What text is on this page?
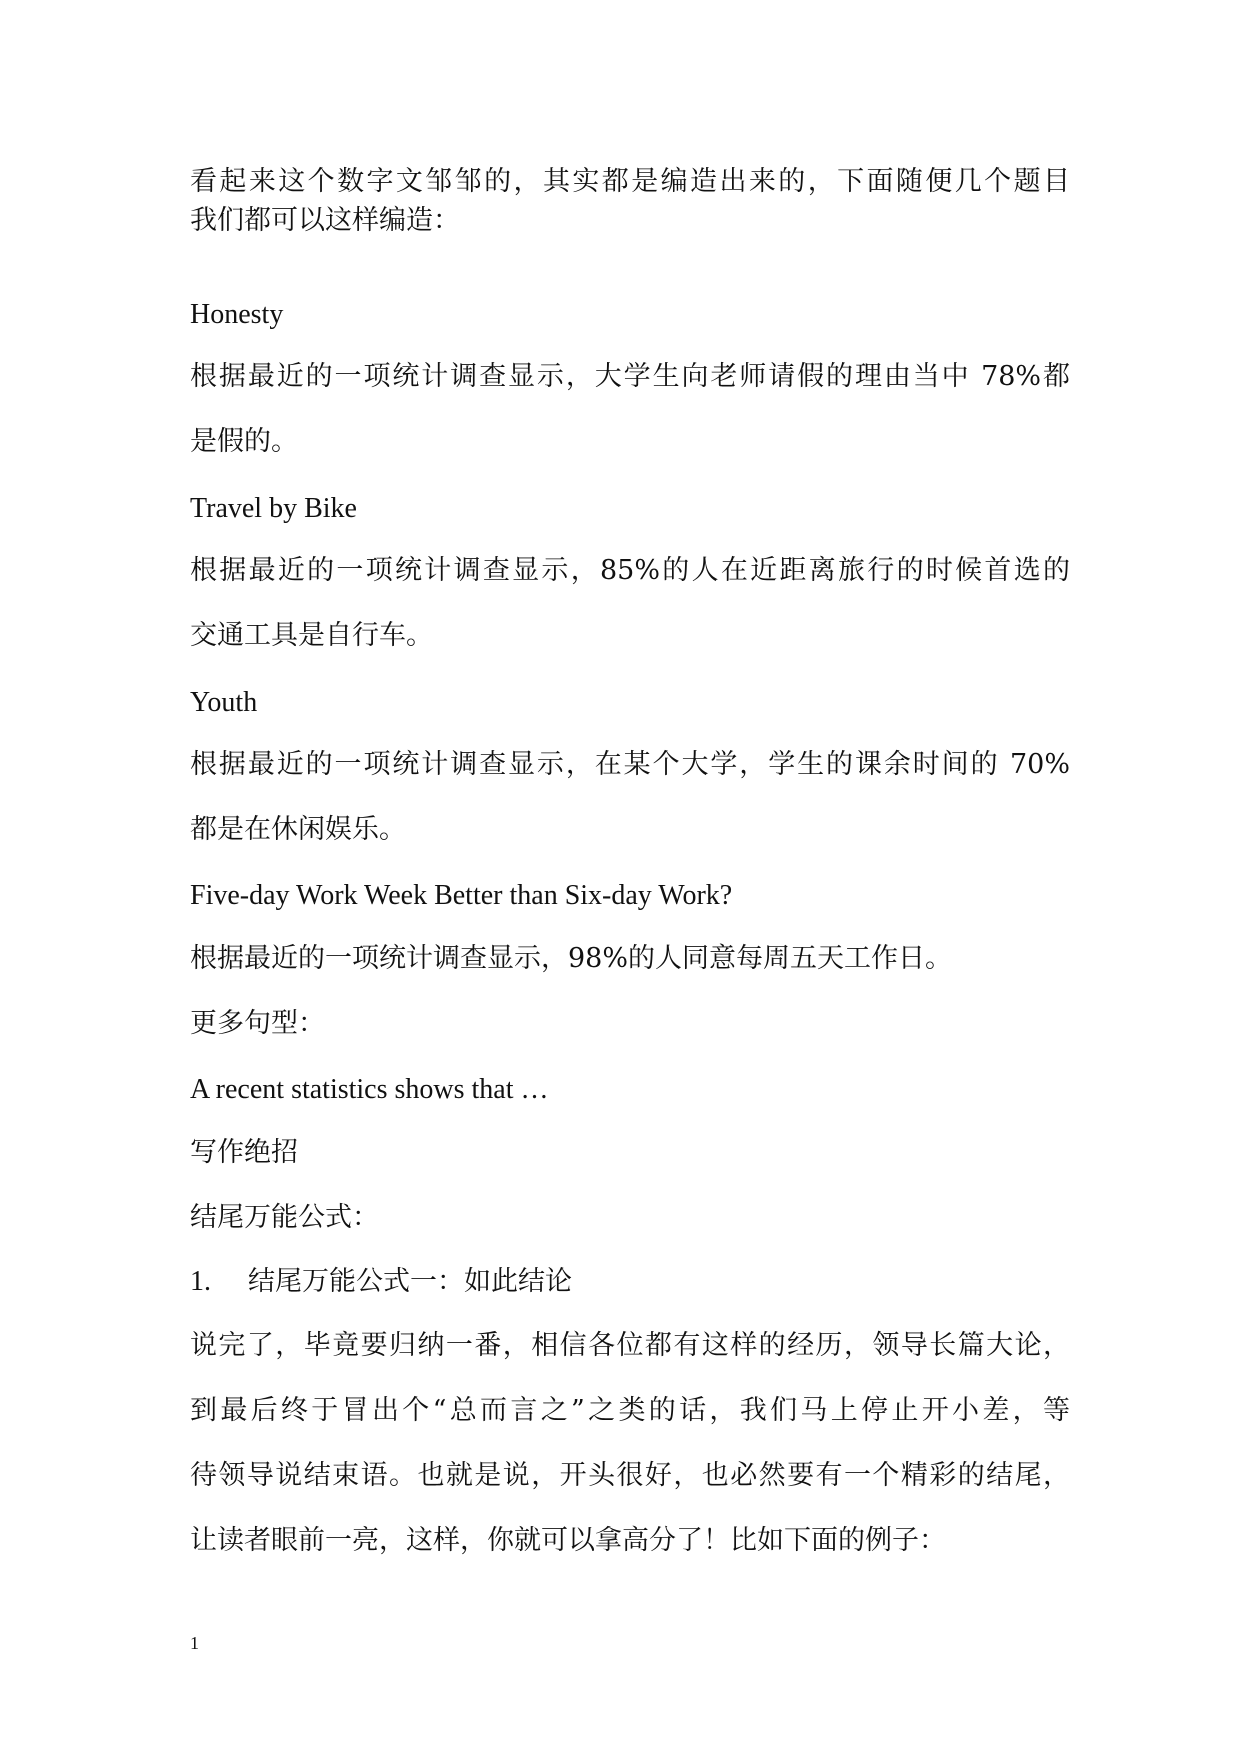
看起来这个数字文邹邹的，其实都是编造出来的，下面随便几个题目
我们都可以这样编造：
Honesty
根据最近的一项统计调查显示，大学生向老师请假的理由当中 78%都
是假的。
Travel by Bike
根据最近的一项统计调查显示，85%的人在近距离旅行的时候首选的
交通工具是自行车。
Youth
根据最近的一项统计调查显示，在某个大学，学生的课余时间的 70%
都是在休闲娱乐。
Five-day Work Week Better than Six-day Work?
根据最近的一项统计调查显示，98%的人同意每周五天工作日。
更多句型：
A recent statistics shows that …
写作绝招
结尾万能公式：
1. 结尾万能公式一：如此结论
说完了，毕竟要归纳一番，相信各位都有这样的经历，领导长篇大论，
到最后终于冒出个“总而言之”之类的话，我们马上停止开小差，等
待领导说结束语。也就是说，开头很好，也必然要有一个精彩的结尾，
让读者眼前一亮，这样，你就可以拿高分了！比如下面的例子：
1
